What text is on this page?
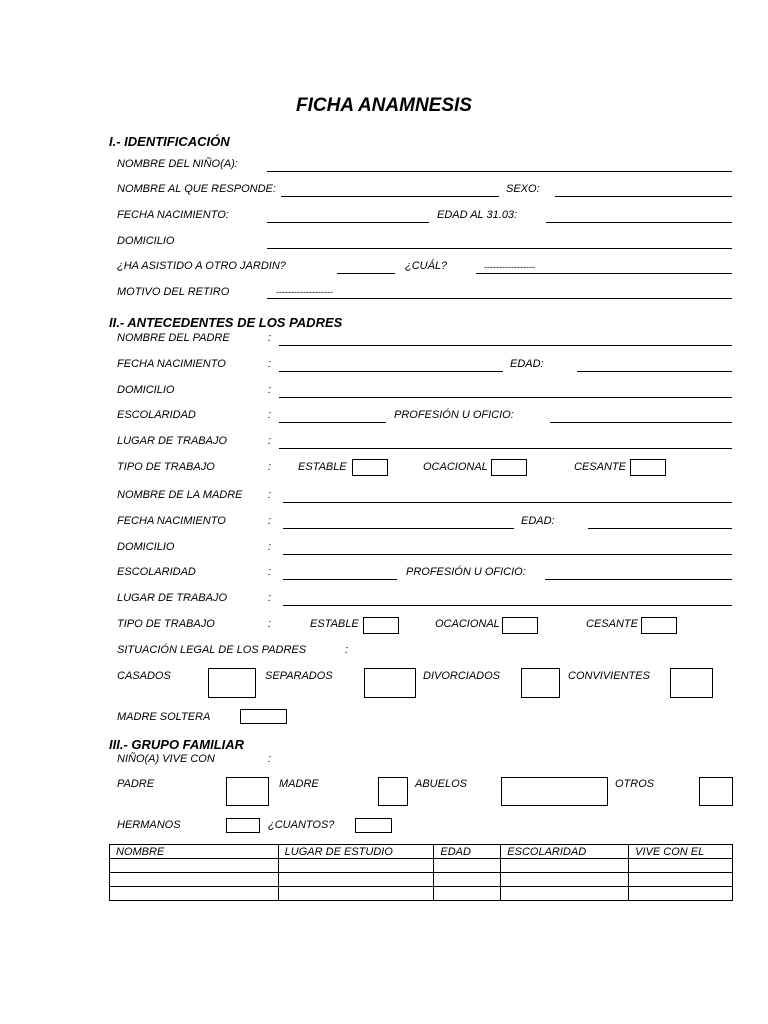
FICHA ANAMNESIS
I.- IDENTIFICACIÓN
NOMBRE DEL NIÑO(A):
NOMBRE AL QUE RESPONDE:	SEXO:
FECHA NACIMIENTO:	EDAD AL 31.03:
DOMICILIO
¿HA ASISTIDO A OTRO JARDIN?	¿CUÁL?	-----------------
MOTIVO DEL RETIRO	-------------------
II.- ANTECEDENTES DE LOS PADRES
NOMBRE DEL PADRE	:
FECHA NACIMIENTO	:	EDAD:
DOMICILIO	:
ESCOLARIDAD	:	PROFESIÓN U OFICIO:
LUGAR DE TRABAJO	:
TIPO DE TRABAJO	: ESTABLE	OCACIONAL	CESANTE
NOMBRE DE LA MADRE :
FECHA NACIMIENTO	:	EDAD:
DOMICILIO	:
ESCOLARIDAD	:	PROFESIÓN U OFICIO:
LUGAR DE TRABAJO	:
TIPO DE TRABAJO	:	ESTABLE	OCACIONAL	CESANTE
SITUACIÓN LEGAL DE LOS PADRES	:
CASADOS	SEPARADOS	DIVORCIADOS	CONVIVIENTES
MADRE SOLTERA
III.- GRUPO FAMILIAR
NIÑO(A) VIVE CON	:
PADRE	MADRE	ABUELOS	OTROS
HERMANOS	¿CUANTOS?
NOMBRE	LUGAR DE ESTUDIO	EDAD	ESCOLARIDAD	VIVE CON EL
